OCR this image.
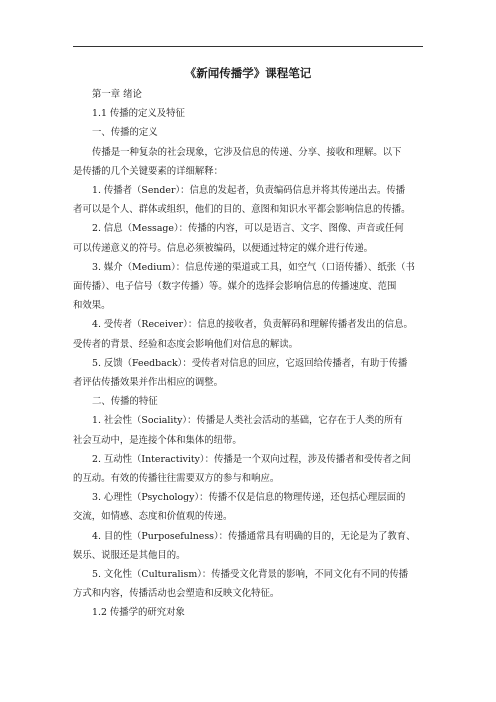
《新闻传播学》课程笔记
第一章 绪论
1.1 传播的定义及特征
一、传播的定义
传播是一种复杂的社会现象，它涉及信息的传递、分享、接收和理解。以下
是传播的几个关键要素的详细解释：
1. 传播者（Sender）：信息的发起者，负责编码信息并将其传递出去。传播
者可以是个人、群体或组织，他们的目的、意图和知识水平都会影响信息的传播。
2. 信息（Message）：传播的内容，可以是语言、文字、图像、声音或任何
可以传递意义的符号。信息必须被编码，以便通过特定的媒介进行传递。
3. 媒介（Medium）：信息传递的渠道或工具，如空气（口语传播）、纸张（书
面传播）、电子信号（数字传播）等。媒介的选择会影响信息的传播速度、范围
和效果。
4. 受传者（Receiver）：信息的接收者，负责解码和理解传播者发出的信息。
受传者的背景、经验和态度会影响他们对信息的解读。
5. 反馈（Feedback）：受传者对信息的回应，它返回给传播者，有助于传播
者评估传播效果并作出相应的调整。
二、传播的特征
1. 社会性（Sociality）：传播是人类社会活动的基础，它存在于人类的所有
社会互动中，是连接个体和集体的纽带。
2. 互动性（Interactivity）：传播是一个双向过程，涉及传播者和受传者之间
的互动。有效的传播往往需要双方的参与和响应。
3. 心理性（Psychology）：传播不仅是信息的物理传递，还包括心理层面的
交流，如情感、态度和价值观的传递。
4. 目的性（Purposefulness）：传播通常具有明确的目的，无论是为了教育、
娱乐、说服还是其他目的。
5. 文化性（Culturalism）：传播受文化背景的影响，不同文化有不同的传播
方式和内容，传播活动也会塑造和反映文化特征。
1.2 传播学的研究对象
